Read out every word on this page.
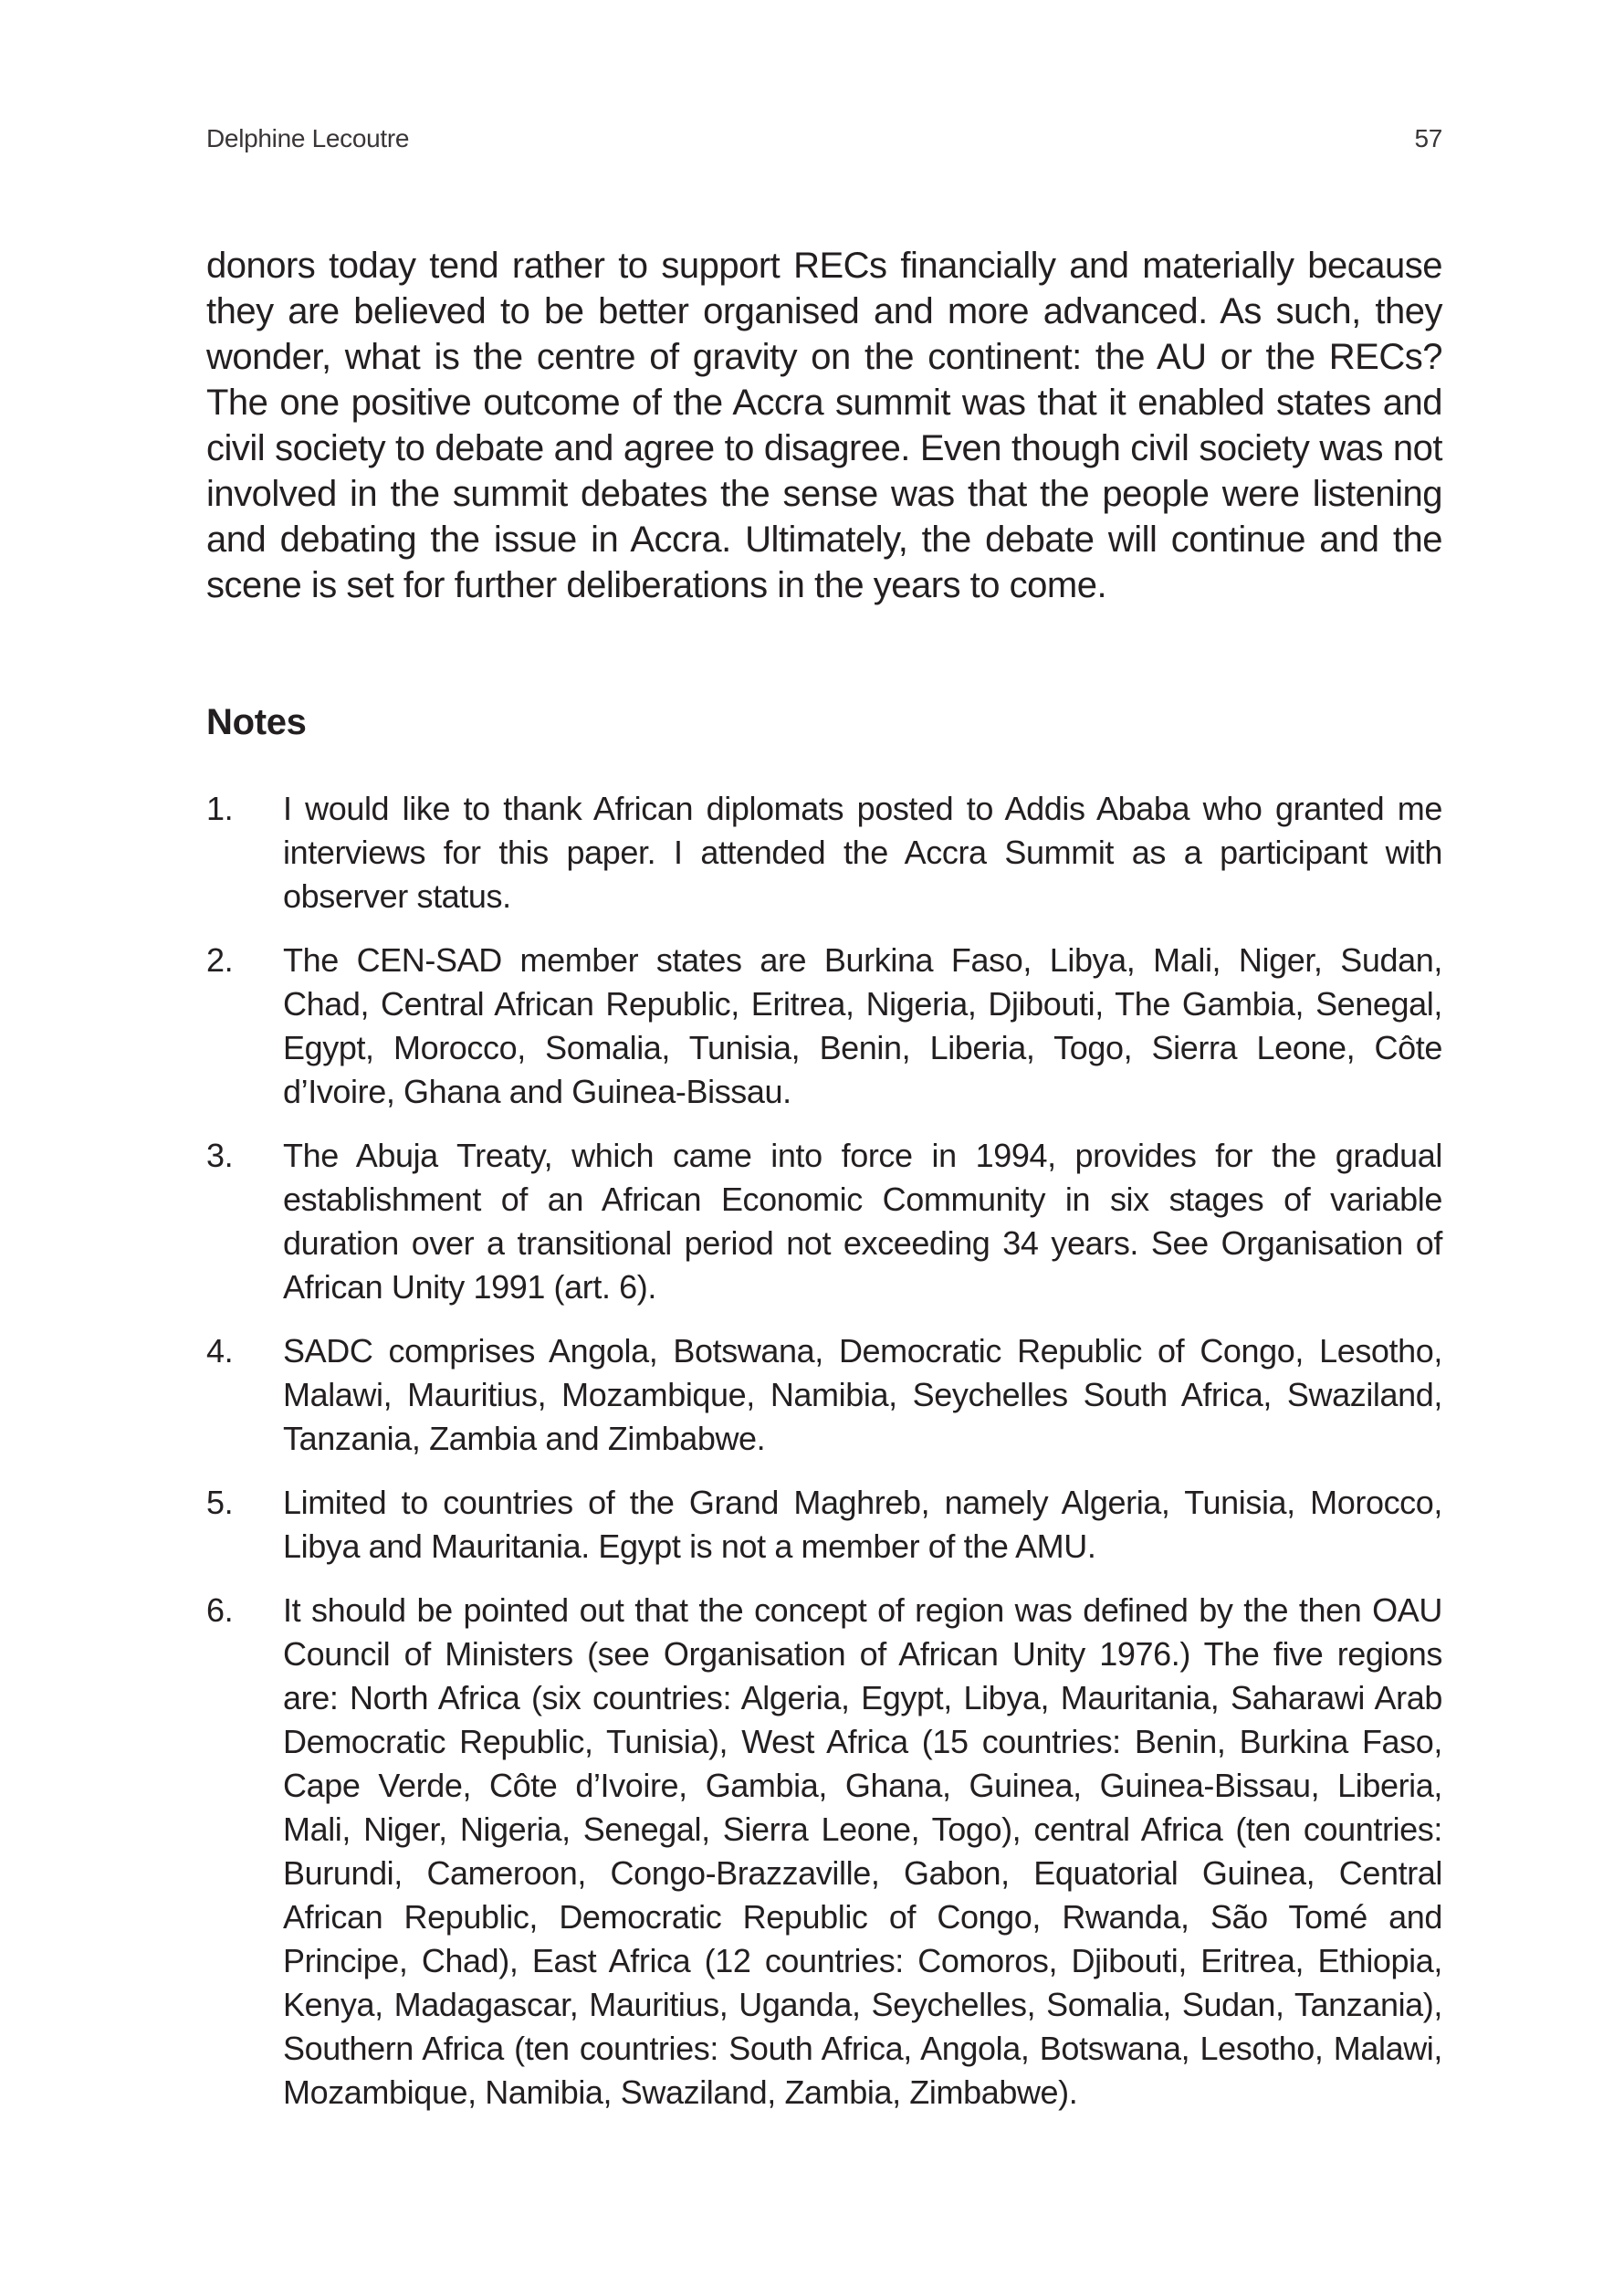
Delphine Lecoutre	57

donors today tend rather to support RECs financially and materially because they are believed to be better organised and more advanced. As such, they wonder, what is the centre of gravity on the continent: the AU or the RECs? The one positive outcome of the Accra summit was that it enabled states and civil society to debate and agree to disagree. Even though civil society was not involved in the summit debates the sense was that the people were listening and debating the issue in Accra. Ultimately, the debate will continue and the scene is set for further deliberations in the years to come.

Notes
1. I would like to thank African diplomats posted to Addis Ababa who granted me interviews for this paper. I attended the Accra Summit as a participant with observer status.
2. The CEN-SAD member states are Burkina Faso, Libya, Mali, Niger, Sudan, Chad, Central African Republic, Eritrea, Nigeria, Djibouti, The Gambia, Senegal, Egypt, Morocco, Somalia, Tunisia, Benin, Liberia, Togo, Sierra Leone, Côte d’Ivoire, Ghana and Guinea-Bissau.
3. The Abuja Treaty, which came into force in 1994, provides for the gradual establishment of an African Economic Community in six stages of variable duration over a transitional period not exceeding 34 years. See Organisation of African Unity 1991 (art. 6).
4. SADC comprises Angola, Botswana, Democratic Republic of Congo, Lesotho, Malawi, Mauritius, Mozambique, Namibia, Seychelles South Africa, Swaziland, Tanzania, Zambia and Zimbabwe.
5. Limited to countries of the Grand Maghreb, namely Algeria, Tunisia, Morocco, Libya and Mauritania. Egypt is not a member of the AMU.
6. It should be pointed out that the concept of region was defined by the then OAU Council of Ministers (see Organisation of African Unity 1976.) The five regions are: North Africa (six countries: Algeria, Egypt, Libya, Mauritania, Saharawi Arab Democratic Republic, Tunisia), West Africa (15 countries: Benin, Burkina Faso, Cape Verde, Côte d’Ivoire, Gambia, Ghana, Guinea, Guinea-Bissau, Liberia, Mali, Niger, Nigeria, Senegal, Sierra Leone, Togo), central Africa (ten countries: Burundi, Cameroon, Congo-Brazzaville, Gabon, Equatorial Guinea, Central African Republic, Democratic Republic of Congo, Rwanda, São Tomé and Principe, Chad), East Africa (12 countries: Comoros, Djibouti, Eritrea, Ethiopia, Kenya, Madagascar, Mauritius, Uganda, Seychelles, Somalia, Sudan, Tanzania), Southern Africa (ten countries: South Africa, Angola, Botswana, Lesotho, Malawi, Mozambique, Namibia, Swaziland, Zambia, Zimbabwe).
